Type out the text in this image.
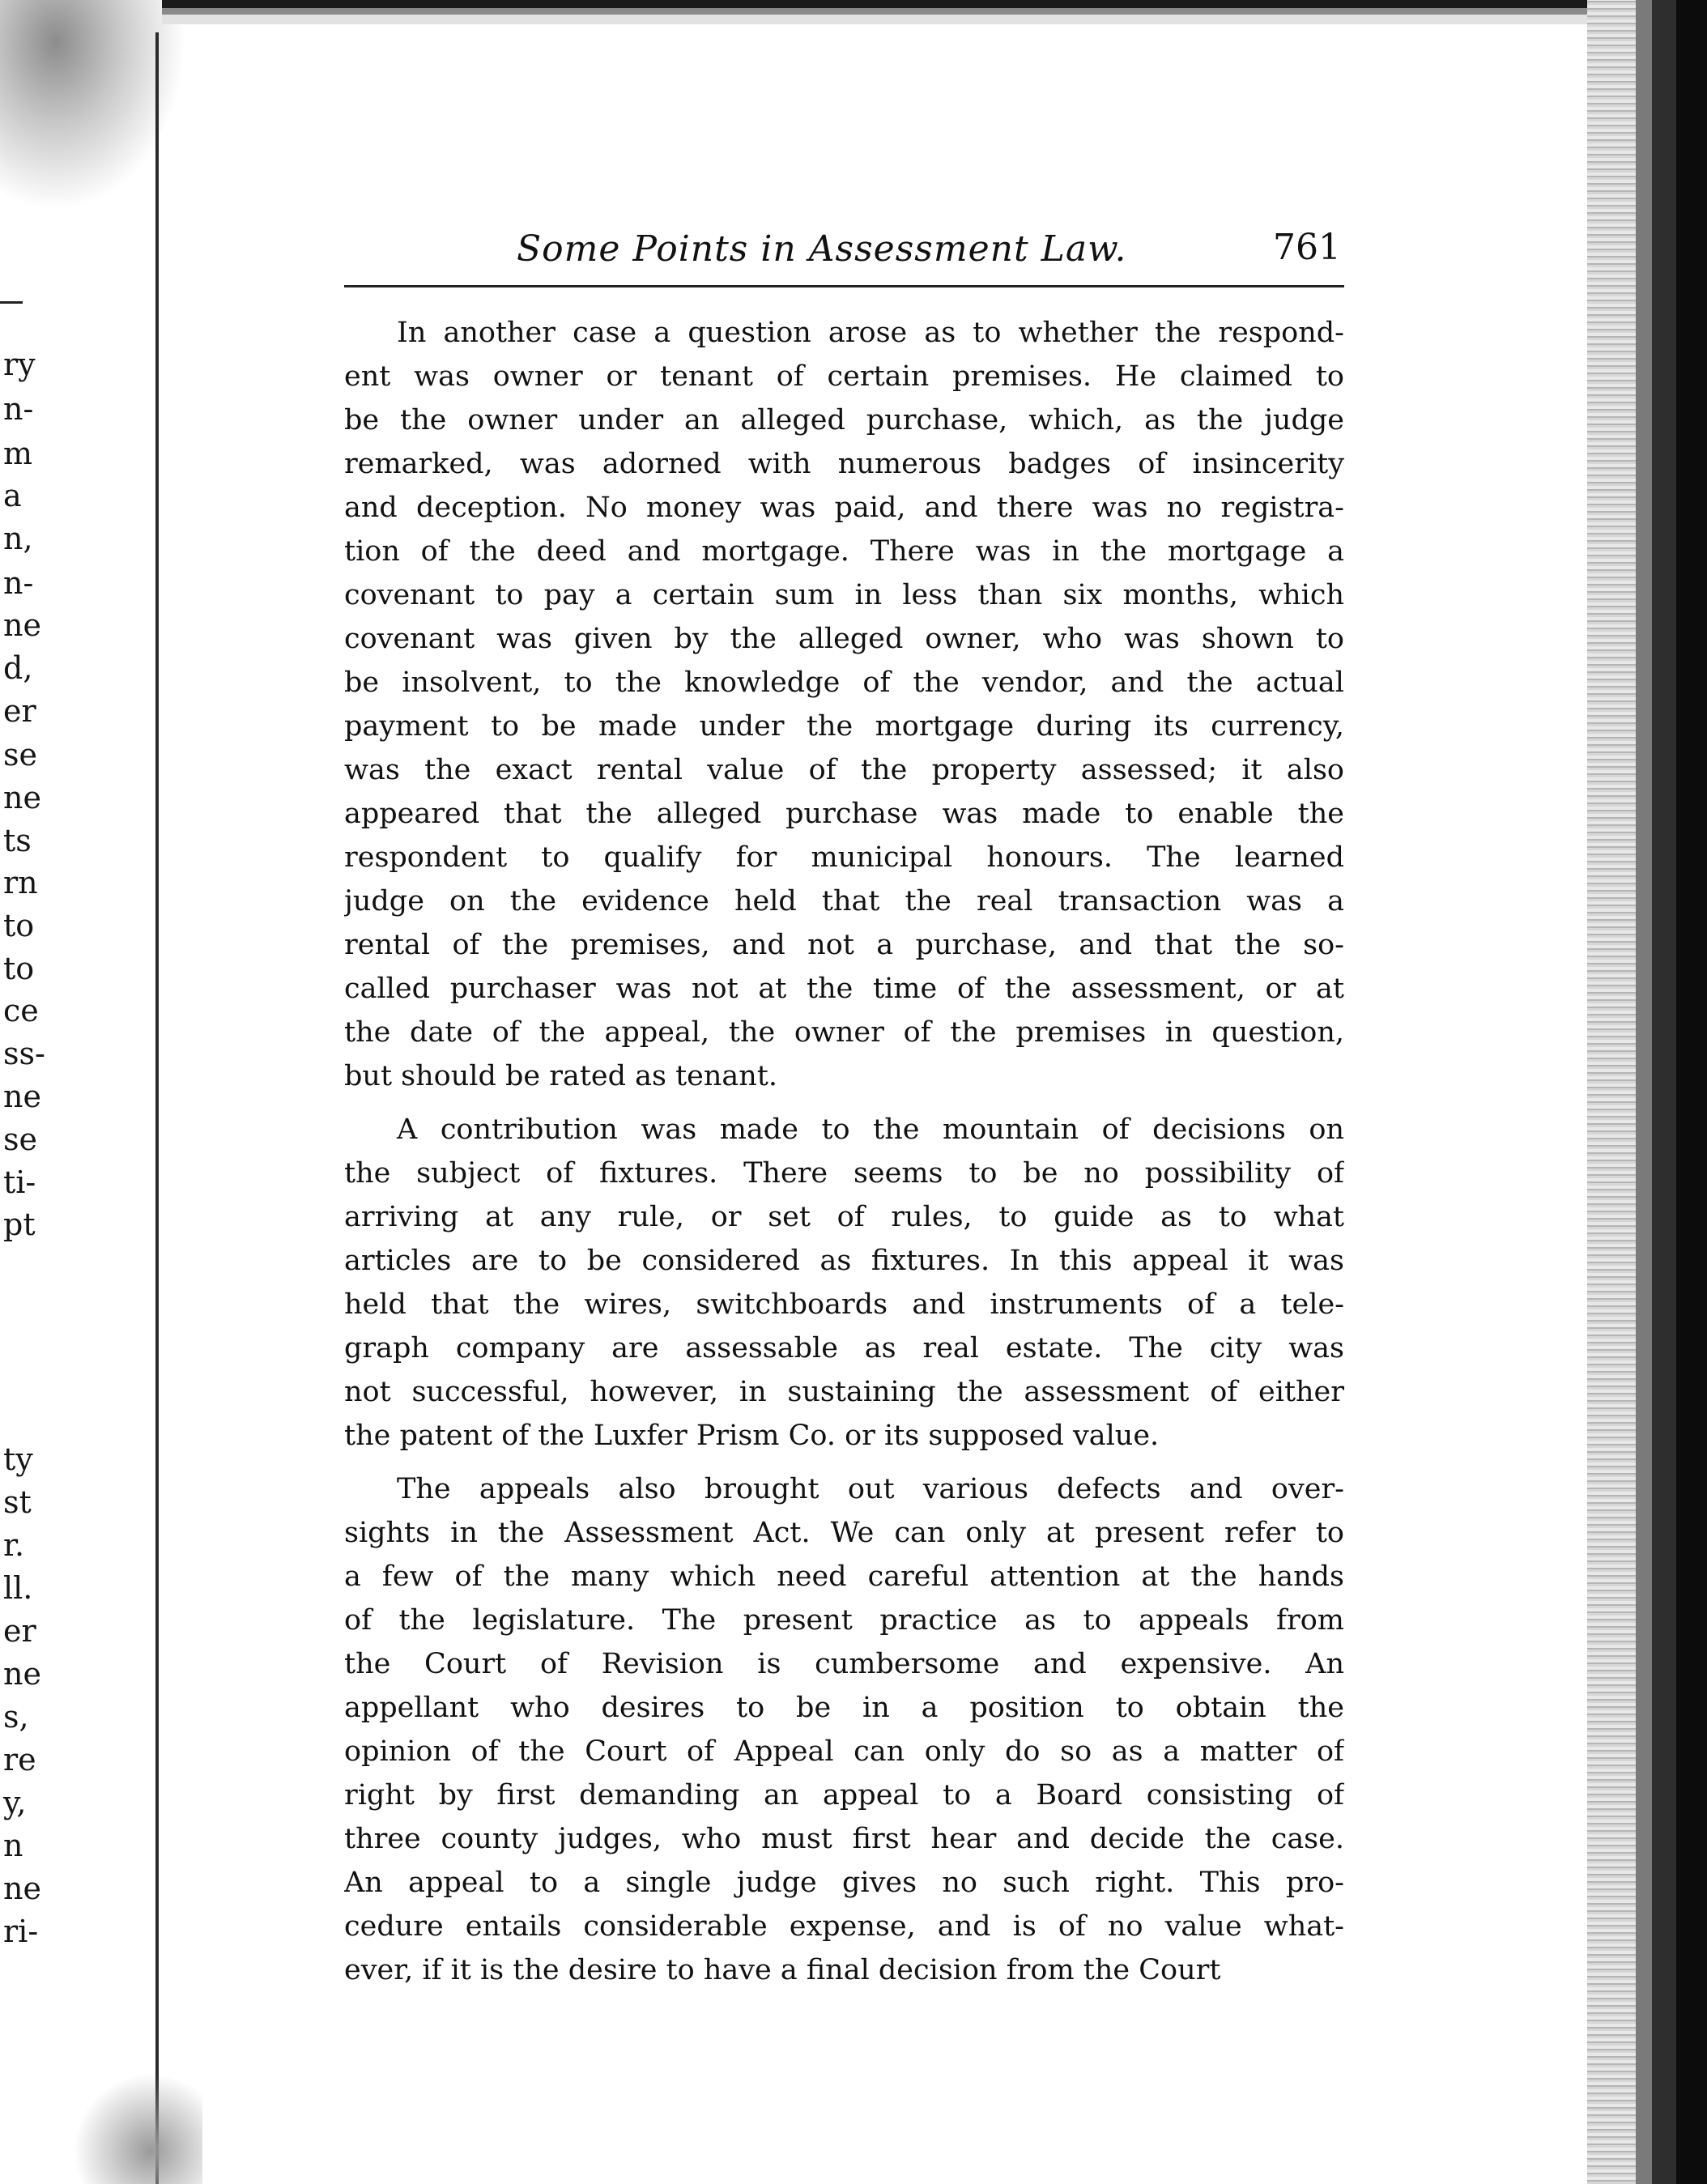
ry
n-
m
a
n,
n-
ne
d,
er
se
ne
ts
rn
to
to
ce
ss-
ne
se
ti-
pt
ty
st
r.
ll.
er
ne
s,
re
y,
n
ne
ri-
Some Points in Assessment Law.	761
In another case a question arose as to whether the respond-
ent was owner or tenant of certain premises. He claimed to
be the owner under an alleged purchase, which, as the judge
remarked, was adorned with numerous badges of insincerity
and deception. No money was paid, and there was no registra-
tion of the deed and mortgage. There was in the mortgage a
covenant to pay a certain sum in less than six months, which
covenant was given by the alleged owner, who was shown to
be insolvent, to the knowledge of the vendor, and the actual
payment to be made under the mortgage during its currency,
was the exact rental value of the property assessed; it also
appeared that the alleged purchase was made to enable the
respondent to qualify for municipal honours. The learned
judge on the evidence held that the real transaction was a
rental of the premises, and not a purchase, and that the so-
called purchaser was not at the time of the assessment, or at
the date of the appeal, the owner of the premises in question,
but should be rated as tenant.
A contribution was made to the mountain of decisions on
the subject of fixtures. There seems to be no possibility of
arriving at any rule, or set of rules, to guide as to what
articles are to be considered as fixtures. In this appeal it was
held that the wires, switchboards and instruments of a tele-
graph company are assessable as real estate. The city was
not successful, however, in sustaining the assessment of either
the patent of the Luxfer Prism Co. or its supposed value.
The appeals also brought out various defects and over-
sights in the Assessment Act. We can only at present refer to
a few of the many which need careful attention at the hands
of the legislature. The present practice as to appeals from
the Court of Revision is cumbersome and expensive. An
appellant who desires to be in a position to obtain the
opinion of the Court of Appeal can only do so as a matter of
right by first demanding an appeal to a Board consisting of
three county judges, who must first hear and decide the case.
An appeal to a single judge gives no such right. This pro-
cedure entails considerable expense, and is of no value what-
ever, if it is the desire to have a final decision from the Court
